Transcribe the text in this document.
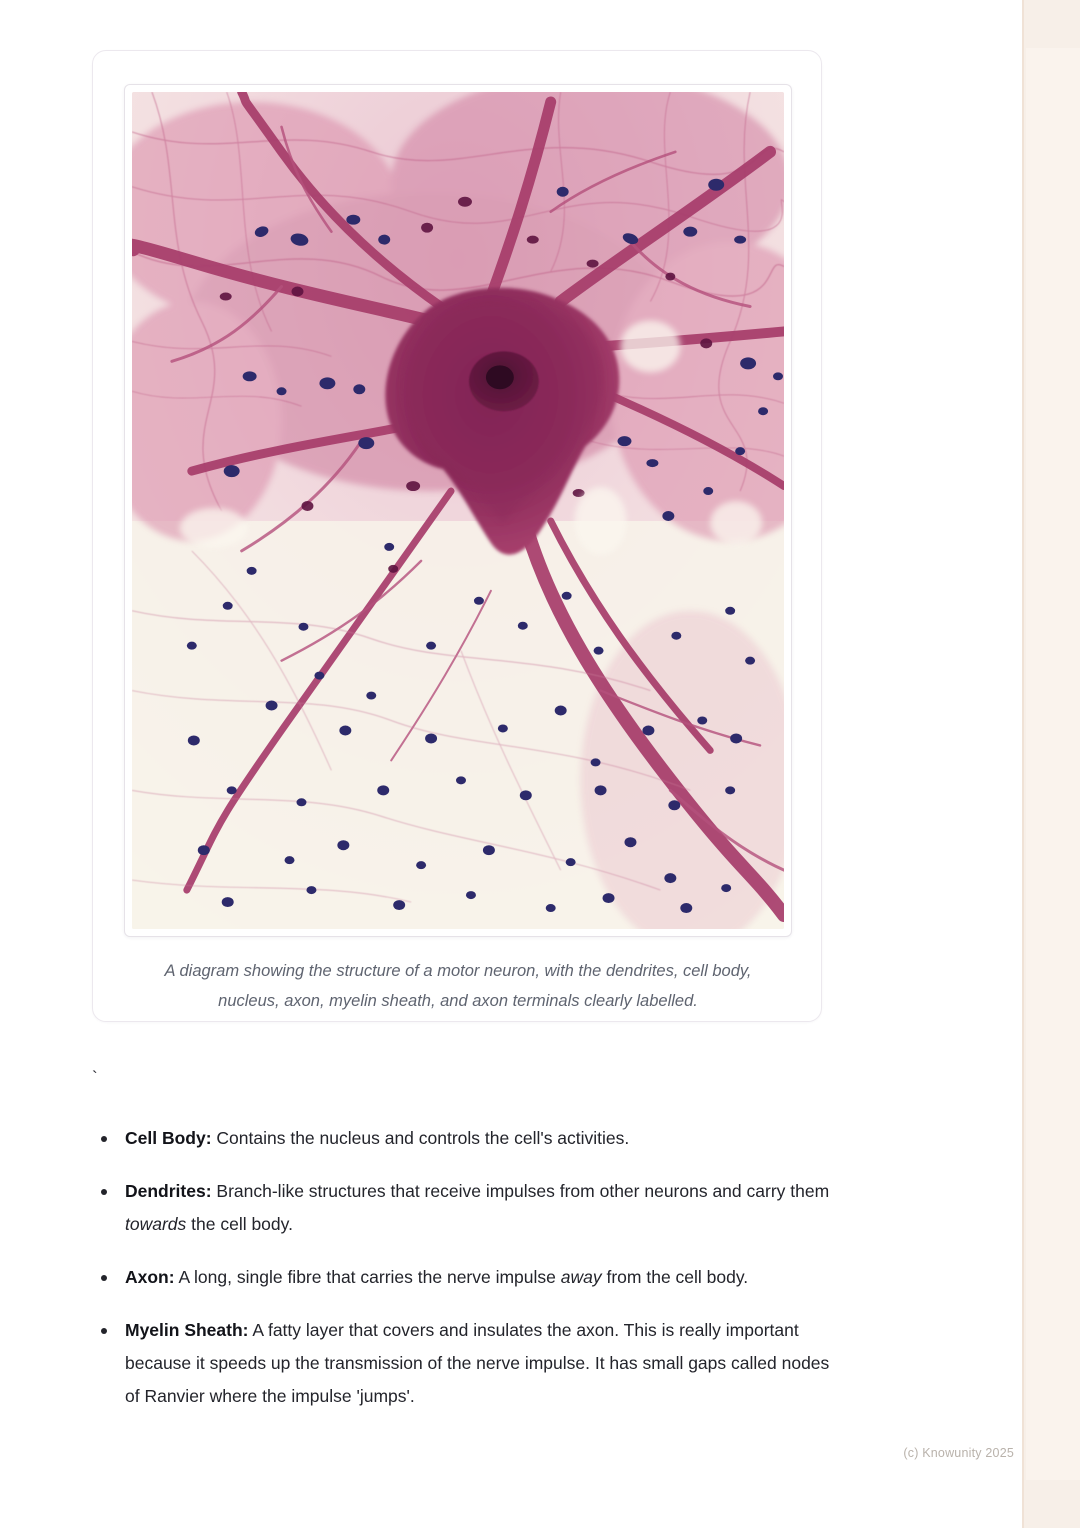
A diagram showing the structure of a motor neuron, with the dendrites, cell body, nucleus, axon, myelin sheath, and axon terminals clearly labelled.
`
Cell Body: Contains the nucleus and controls the cell's activities.
Dendrites: Branch-like structures that receive impulses from other neurons and carry them towards the cell body.
Axon: A long, single fibre that carries the nerve impulse away from the cell body.
Myelin Sheath: A fatty layer that covers and insulates the axon. This is really important because it speeds up the transmission of the nerve impulse. It has small gaps called nodes of Ranvier where the impulse 'jumps'.
(c) Knowunity 2025
